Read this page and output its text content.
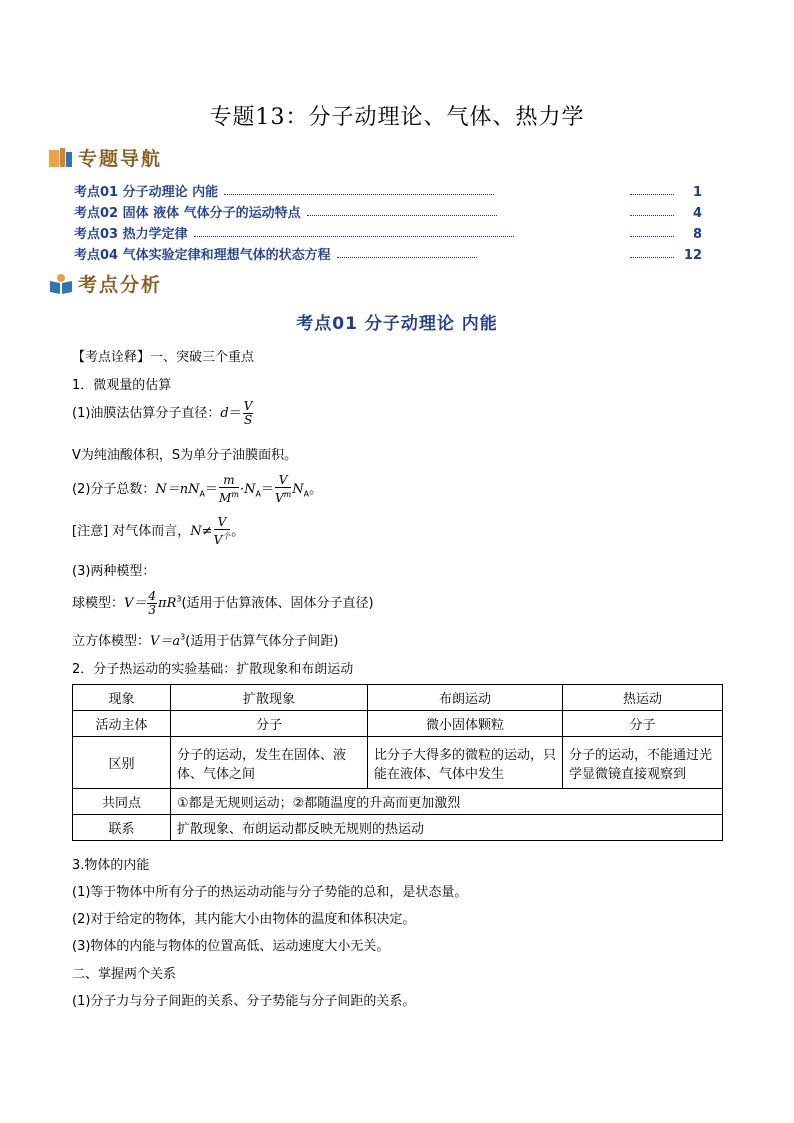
专题13：分子动理论、气体、热力学
专题导航
考点01 分子动理论 内能	1
考点02 固体 液体 气体分子的运动特点	4
考点03 热力学定律	8
考点04 气体实验定律和理想气体的状态方程	12
考点分析
考点01 分子动理论 内能
【考点诠释】一、突破三个重点
1．微观量的估算
(1)油膜法估算分子直径：$d= \frac{V}{S}$
V为纯油酸体积，S为单分子油膜面积。
(2)分子总数：$N=nN_A= \frac{m}{M^m} \cdot N_A= \frac{V}{V^m} N_A$。
[注意] 对气体而言，$N\ne \frac{V}{V^个}$ 。
(3)两种模型：
球模型：$V= \frac{4}{3} \pi R^3$(适用于估算液体、固体分子直径)
立方体模型：$V=a^3$(适用于估算气体分子间距)
2．分子热运动的实验基础：扩散现象和布朗运动
现象	扩散现象	布朗运动	热运动
活动主体	分子	微小固体颗粒	分子
区别	分子的运动，发生在固体、液体、气体之间	比分子大得多的微粒的运动，只能在液体、气体中发生	分子的运动，不能通过光学显微镜直接观察到
共同点	①都是无规则运动；②都随温度的升高而更加激烈		
联系	扩散现象、布朗运动都反映无规则的热运动		
3.物体的内能
(1)等于物体中所有分子的热运动动能与分子势能的总和，是状态量。
(2)对于给定的物体，其内能大小由物体的温度和体积决定。
(3)物体的内能与物体的位置高低、运动速度大小无关。
二、掌握两个关系
(1)分子力与分子间距的关系、分子势能与分子间距的关系。
